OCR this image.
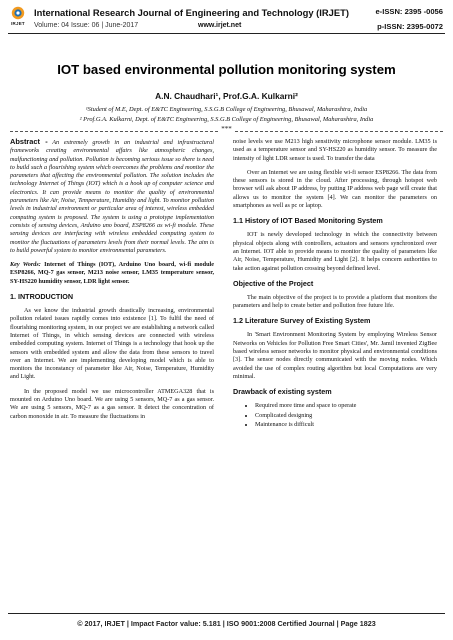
IRJET
International Research Journal of Engineering and Technology (IRJET)
Volume: 04 Issue: 06 | June-2017	www.irjet.net
e-ISSN: 2395 -0056
p-ISSN: 2395-0072
IOT based environmental pollution monitoring system
A.N. Chaudhari¹, Prof.G.A. Kulkarni²
¹Student of M.E, Dept. of E&TC Engineering, S.S.G.B College of Engineering, Bhusawal, Maharashtra, India
² Prof.G.A. Kulkarni, Dept. of E&TC Engineering, S.S.G.B College of Engineering, Bhusawal, Maharashtra, India
***

Abstract - An extremely growth in an industrial and infrastructural frameworks creating environmental affairs like atmospheric changes, malfunctioning and pollution. Pollution is becoming serious issue so there is need to build such a flourishing system which overcomes the problems and monitor the parameters that affecting the environmental pollution. The solution includes the technology Internet of Things (IOT) which is a hook up of computer science and electronics. It can provide means to monitor the quality of environmental parameters like Air, Noise, Temperature, Humidity and light. To monitor pollution levels in industrial environment or particular area of interest, wireless embedded computing system is proposed. The system is using a prototype implementation consists of sensing devices, Arduino uno board, ESP8266 as wi-fi module. These sensing devices are interfacing with wireless embedded computing system to monitor the fluctuations of parameters levels from their normal levels. The aim is to build powerful system to monitor environmental parameters.

Key Words: Internet of Things (IOT), Arduino Uno board, wi-fi module ESP8266, MQ-7 gas sensor, M213 noise sensor, LM35 temperature sensor, SY-HS220 humidity sensor, LDR light sensor.

1. INTRODUCTION

As we know the industrial growth drastically increasing, environmental pollution related issues rapidly comes into existence [1]. To fulfil the need of flourishing monitoring system, in our project we are establishing a network called Internet of Things, in which sensing devices are connected with wireless embedded computing system. Internet of Things is a technology that hook up the sensors with embedded system and allow the data from these sensors to travel over an Internet. We are implementing developing model which is able to monitors the inconstancy of parameter like Air, Noise, Temperature, Humidity and Light.

In the proposed model we use microcontroller ATMEGA328 that is mounted on Arduino Uno board. We are using 5 sensors, MQ-7 as a gas sensor. We are using 5 sensors, MQ-7 as a gas sensor. It detect the concentration of carbon monoxide in air. To measure the fluctuations in

noise levels we use M213 high sensitivity microphone sensor module. LM35 is used as a temperature sensor and SY-HS220 as humidity sensor. To measure the intensity of light LDR sensor is used. To transfer the data

Over an Internet we are using flexible wi-fi sensor ESP8266. The data from these sensors is stored in the cloud. After processing, through hotspot web browser will ask about IP address, by putting IP address web page will create that allows us to monitor the system [4]. We can monitor the parameters on smartphones as well as pc or laptop.

1.1 History of IOT Based Monitoring System

IOT is newly developed technology in which the connectivity between physical objects along with controllers, actuators and sensors synchronized over an Internet. IOT able to provide means to monitor the quality of parameters like Air, Noise, Temperature, Humidity and Light [2]. It helps concern authorities to take action against pollution crossing beyond defined level.

Objective of the Project

The main objective of the project is to provide a platform that monitors the parameters and help to create better and pollution free future life.

1.2 Literature Survey of Existing System

In 'Smart Environment Monitoring System by employing Wireless Sensor Networks on Vehicles for Pollution Free Smart Cities', Mr. Jamil invented ZigBee based wireless sensor networks to monitor physical and environmental conditions [3]. The sensor nodes directly communicated with the moving nodes. Which avoided the use of complex routing algorithm but local Computations are very minimal.

Drawback of existing system
• Required more time and space to operate
• Complicated designing
• Maintenance is difficult
© 2017, IRJET | Impact Factor value: 5.181 | ISO 9001:2008 Certified Journal | Page 1823
